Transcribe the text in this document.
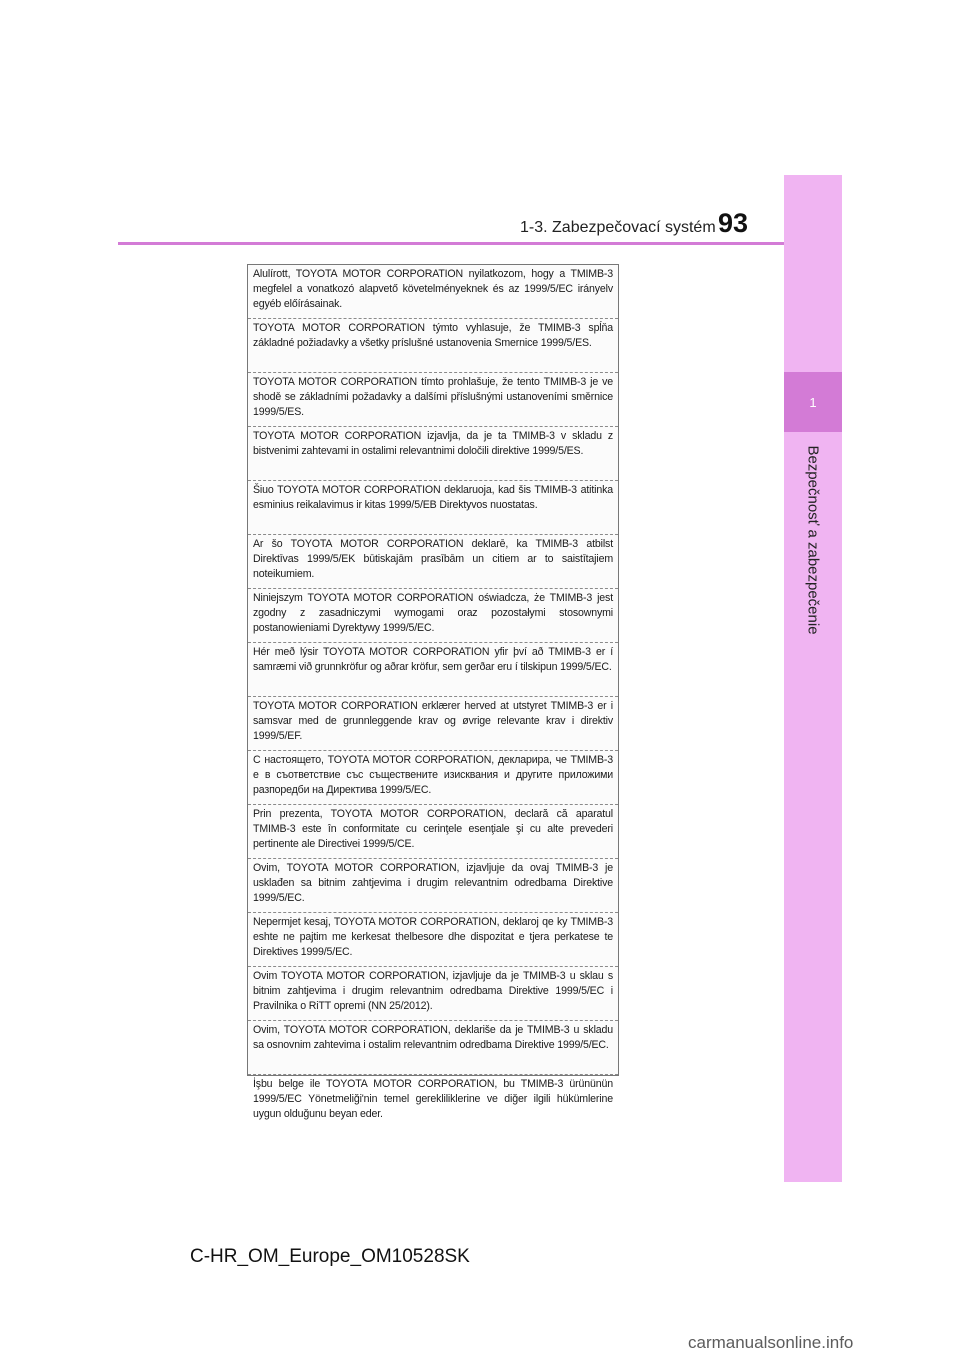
1
Bezpečnosť a zabezpečenie
1-3. Zabezpečovací systém 93
Alulírott, TOYOTA MOTOR CORPORATION nyilatkozom, hogy a TMIMB-3 megfelel a vonatkozó alapvető követelményeknek és az 1999/5/EC irányelv egyéb előírásainak.
TOYOTA MOTOR CORPORATION týmto vyhlasuje, že TMIMB-3 spĺňa základné požiadavky a všetky príslušné ustanovenia Smernice 1999/5/ES.
TOYOTA MOTOR CORPORATION tímto prohlašuje, že tento TMIMB-3 je ve shodě se základními požadavky a dalšími příslušnými ustanoveními směrnice 1999/5/ES.
TOYOTA MOTOR CORPORATION izjavlja, da je ta TMIMB-3 v skladu z bistvenimi zahtevami in ostalimi relevantnimi določili direktive 1999/5/ES.
Šiuo TOYOTA MOTOR CORPORATION deklaruoja, kad šis TMIMB-3 atitinka esminius reikalavimus ir kitas 1999/5/EB Direktyvos nuostatas.
Ar šo TOYOTA MOTOR CORPORATION deklarē, ka TMIMB-3 atbilst Direktīvas 1999/5/EK būtiskajām prasībām un citiem ar to saistītajiem noteikumiem.
Niniejszym TOYOTA MOTOR CORPORATION oświadcza, że TMIMB-3 jest zgodny z zasadniczymi wymogami oraz pozostałymi stosownymi postanowieniami Dyrektywy 1999/5/EC.
Hér með lýsir TOYOTA MOTOR CORPORATION yfir því að TMIMB-3 er í samræmi við grunnkröfur og aðrar kröfur, sem gerðar eru í tilskipun 1999/5/EC.
TOYOTA MOTOR CORPORATION erklærer herved at utstyret TMIMB-3 er i samsvar med de grunnleggende krav og øvrige relevante krav i direktiv 1999/5/EF.
С настоящето, TOYOTA MOTOR CORPORATION, декларира, че TMIMB-3 е в съответствие със съществените изисквания и другите приложими разпоредби на Директива 1999/5/ЕС.
Prin prezenta, TOYOTA MOTOR CORPORATION, declară că aparatul TMIMB-3 este în conformitate cu cerinţele esenţiale şi cu alte prevederi pertinente ale Directivei 1999/5/CE.
Ovim, TOYOTA MOTOR CORPORATION, izjavljuje da ovaj TMIMB-3 je usklađen sa bitnim zahtjevima i drugim relevantnim odredbama Direktive 1999/5/EC.
Nepermjet kesaj, TOYOTA MOTOR CORPORATION, deklaroj qe ky TMIMB-3 eshte ne pajtim me kerkesat thelbesore dhe dispozitat e tjera perkatese te Direktives 1999/5/EC.
Ovim TOYOTA MOTOR CORPORATION, izjavljuje da je TMIMB-3 u sklau s bitnim zahtjevima i drugim relevantnim odredbama Direktive 1999/5/EC i Pravilnika o RiTT opremi (NN 25/2012).
Ovim, TOYOTA MOTOR CORPORATION, deklariše da je TMIMB-3 u skladu sa osnovnim zahtevima i ostalim relevantnim odredbama Direktive 1999/5/EC.
İşbu belge ile TOYOTA MOTOR CORPORATION, bu TMIMB-3 ürününün 1999/5/EC Yönetmeliği'nin temel gerekliliklerine ve diğer ilgili hükümlerine uygun olduğunu beyan eder.
C-HR_OM_Europe_OM10528SK
carmanualsonline.info
